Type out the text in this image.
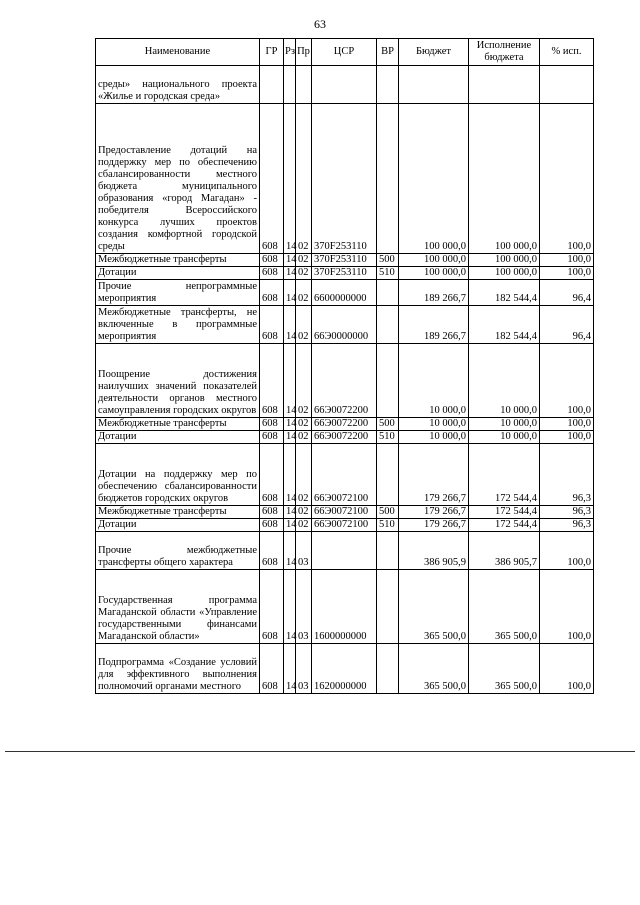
63
Наименование	ГР	Рз	Пр	ЦСР	ВР	Бюджет	Исполнение бюджета	% исп.

среды» национального проекта «Жилье и городская среда»								

Предоставление дотаций на поддержку мер по обеспечению сбалансированности местного бюджета муниципального образования «город Магадан» - победителя Всероссийского конкурса лучших проектов создания комфортной городской среды	608	14	02	370F253110		100 000,0	100 000,0	100,0

Межбюджетные трансферты	608	14	02	370F253110	500	100 000,0	100 000,0	100,0

Дотации	608	14	02	370F253110	510	100 000,0	100 000,0	100,0

Прочие непрограммные мероприятия	608	14	02	6600000000		189 266,7	182 544,4	96,4

Межбюджетные трансферты, не включенные в программные мероприятия	608	14	02	66Э0000000		189 266,7	182 544,4	96,4

Поощрение достижения наилучших значений показателей деятельности органов местного самоуправления городских округов	608	14	02	66Э0072200		10 000,0	10 000,0	100,0

Межбюджетные трансферты	608	14	02	66Э0072200	500	10 000,0	10 000,0	100,0

Дотации	608	14	02	66Э0072200	510	10 000,0	10 000,0	100,0

Дотации на поддержку мер по обеспечению сбалансированности бюджетов городских округов	608	14	02	66Э0072100		179 266,7	172 544,4	96,3

Межбюджетные трансферты	608	14	02	66Э0072100	500	179 266,7	172 544,4	96,3

Дотации	608	14	02	66Э0072100	510	179 266,7	172 544,4	96,3

Прочие межбюджетные трансферты общего характера	608	14	03			386 905,9	386 905,7	100,0

Государственная программа Магаданской области «Управление государственными финансами Магаданской области»	608	14	03	1600000000		365 500,0	365 500,0	100,0

Подпрограмма «Создание условий для эффективного выполнения полномочий органами местного	608	14	03	1620000000		365 500,0	365 500,0	100,0
